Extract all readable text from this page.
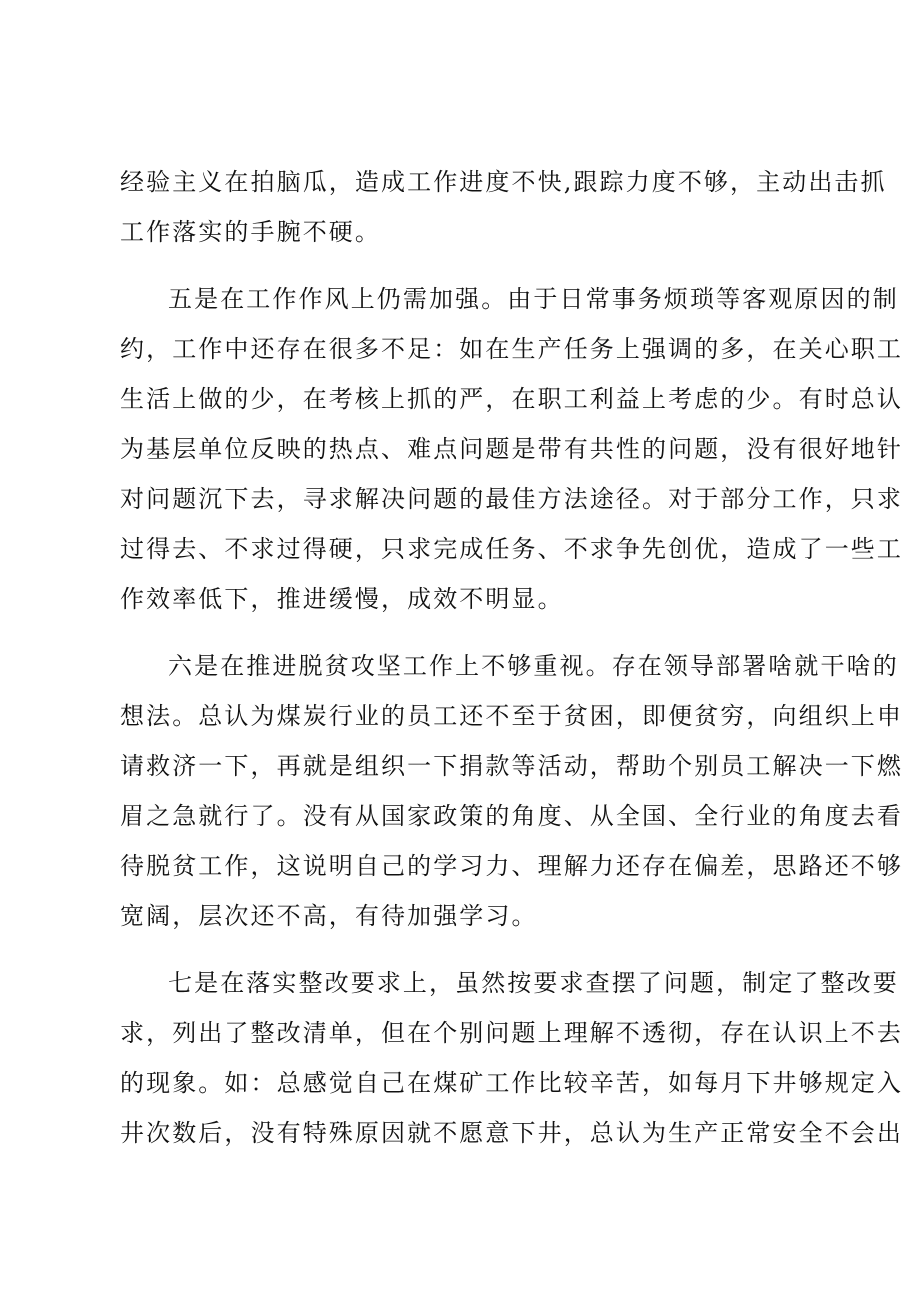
经验主义在拍脑瓜，造成工作进度不快,跟踪力度不够，主动出击抓
工作落实的手腕不硬。
五是在工作作风上仍需加强。由于日常事务烦琐等客观原因的制
约，工作中还存在很多不足：如在生产任务上强调的多，在关心职工
生活上做的少，在考核上抓的严，在职工利益上考虑的少。有时总认
为基层单位反映的热点、难点问题是带有共性的问题，没有很好地针
对问题沉下去，寻求解决问题的最佳方法途径。对于部分工作，只求
过得去、不求过得硬，只求完成任务、不求争先创优，造成了一些工
作效率低下，推进缓慢，成效不明显。
六是在推进脱贫攻坚工作上不够重视。存在领导部署啥就干啥的
想法。总认为煤炭行业的员工还不至于贫困，即便贫穷，向组织上申
请救济一下，再就是组织一下捐款等活动，帮助个别员工解决一下燃
眉之急就行了。没有从国家政策的角度、从全国、全行业的角度去看
待脱贫工作，这说明自己的学习力、理解力还存在偏差，思路还不够
宽阔，层次还不高，有待加强学习。
七是在落实整改要求上，虽然按要求查摆了问题，制定了整改要
求，列出了整改清单，但在个别问题上理解不透彻，存在认识上不去
的现象。如：总感觉自己在煤矿工作比较辛苦，如每月下井够规定入
井次数后，没有特殊原因就不愿意下井，总认为生产正常安全不会出
